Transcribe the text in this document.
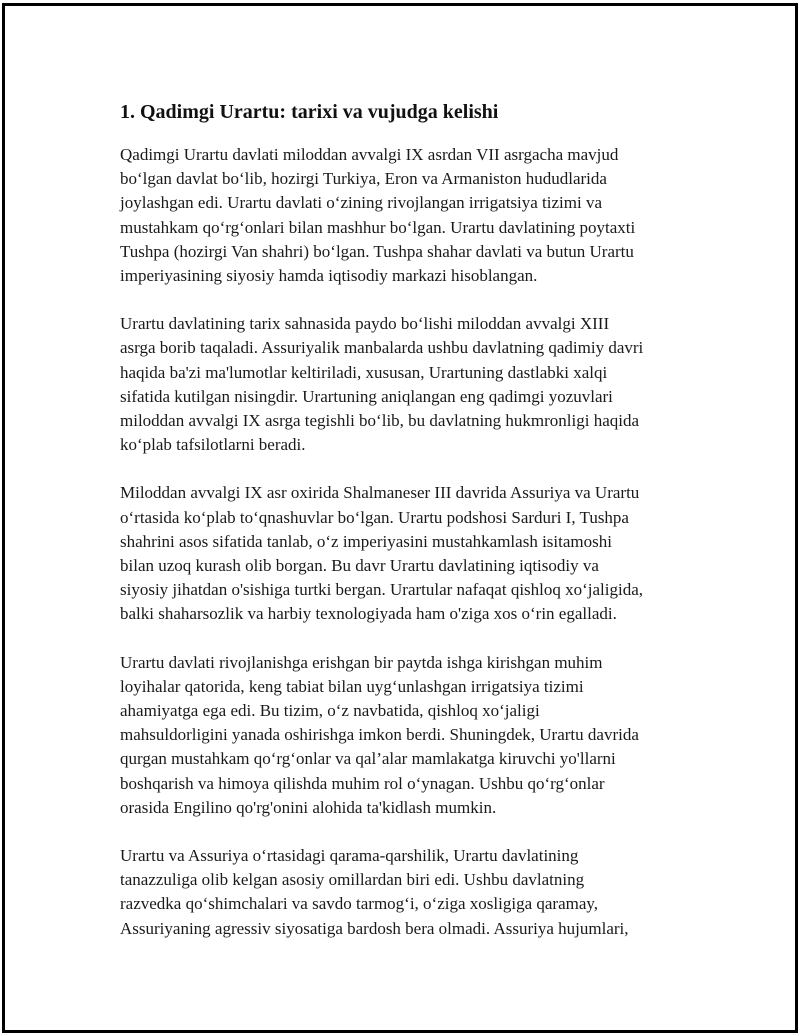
1. Qadimgi Urartu: tarixi va vujudga kelishi

Qadimgi Urartu davlati miloddan avvalgi IX asrdan VII asrgacha mavjud
bo‘lgan davlat bo‘lib, hozirgi Turkiya, Eron va Armaniston hududlarida
joylashgan edi. Urartu davlati o‘zining rivojlangan irrigatsiya tizimi va
mustahkam qo‘rg‘onlari bilan mashhur bo‘lgan. Urartu davlatining poytaxti
Tushpa (hozirgi Van shahri) bo‘lgan. Tushpa shahar davlati va butun Urartu
imperiyasining siyosiy hamda iqtisodiy markazi hisoblangan.

Urartu davlatining tarix sahnasida paydo bo‘lishi miloddan avvalgi XIII
asrga borib taqaladi. Assuriyalik manbalarda ushbu davlatning qadimiy davri
haqida ba'zi ma'lumotlar keltiriladi, xususan, Urartuning dastlabki xalqi
sifatida kutilgan nisingdir. Urartuning aniqlangan eng qadimgi yozuvlari
miloddan avvalgi IX asrga tegishli bo‘lib, bu davlatning hukmronligi haqida
ko‘plab tafsilotlarni beradi.

Miloddan avvalgi IX asr oxirida Shalmaneser III davrida Assuriya va Urartu
o‘rtasida ko‘plab to‘qnashuvlar bo‘lgan. Urartu podshosi Sarduri I, Tushpa
shahrini asos sifatida tanlab, o‘z imperiyasini mustahkamlash isitamoshi
bilan uzoq kurash olib borgan. Bu davr Urartu davlatining iqtisodiy va
siyosiy jihatdan o'sishiga turtki bergan. Urartular nafaqat qishloq xo‘jaligida,
balki shaharsozlik va harbiy texnologiyada ham o'ziga xos o‘rin egalladi.

Urartu davlati rivojlanishga erishgan bir paytda ishga kirishgan muhim
loyihalar qatorida, keng tabiat bilan uyg‘unlashgan irrigatsiya tizimi
ahamiyatga ega edi. Bu tizim, o‘z navbatida, qishloq xo‘jaligi
mahsuldorligini yanada oshirishga imkon berdi. Shuningdek, Urartu davrida
qurgan mustahkam qo‘rg‘onlar va qal’alar mamlakatga kiruvchi yo'llarni
boshqarish va himoya qilishda muhim rol o‘ynagan. Ushbu qo‘rg‘onlar
orasida Engilino qo'rg'onini alohida ta'kidlash mumkin.

Urartu va Assuriya o‘rtasidagi qarama-qarshilik, Urartu davlatining
tanazzuliga olib kelgan asosiy omillardan biri edi. Ushbu davlatning
razvedka qo‘shimchalari va savdo tarmog‘i, o‘ziga xosligiga qaramay,
Assuriyaning agressiv siyosatiga bardosh bera olmadi. Assuriya hujumlari,
